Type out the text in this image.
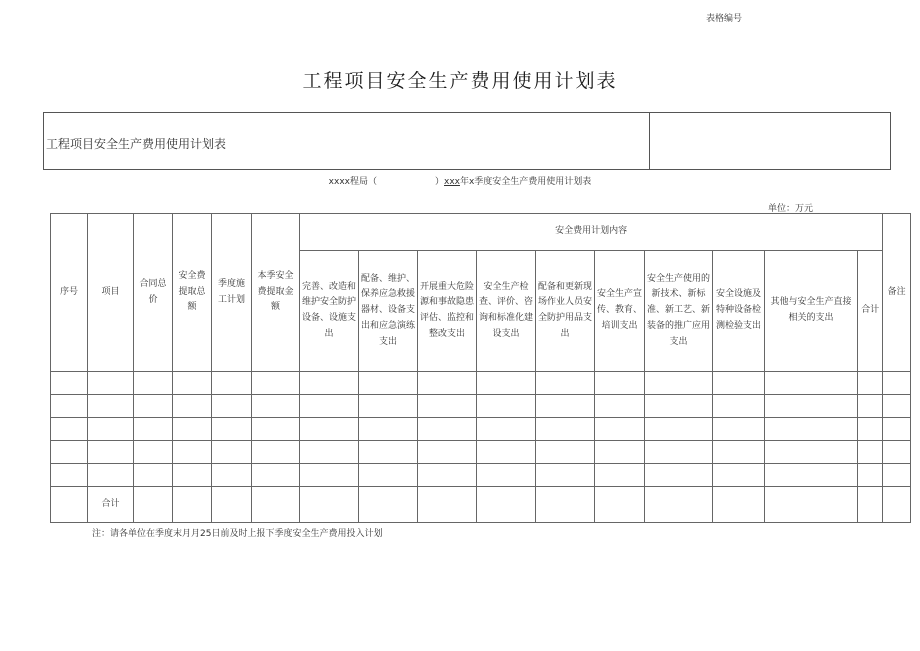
工程项目安全生产费用使用计划表
工程项目安全生产费用使用计划表
表格编号
xxxx程局（	）xxx年x季度安全生产费用使用计划表
单位：万元
序号	项目	合同总价	安全费提取总额	季度施工计划	本季安全费提取金额	安全费用计划内容										备注
						完善、改造和维护安全防护设备、设施支出	配备、维护、保养应急救援器材、设备支出和应急演练支出	开展重大危险源和事故隐患评估、监控和整改支出	安全生产检查、评价、咨询和标准化建设支出	配备和更新现场作业人员安全防护用品支出	安全生产宣传、教育、培训支出	安全生产使用的新技术、新标准、新工艺、新装备的推广应用支出	安全设施及特种设备检测检验支出	其他与安全生产直接相关的支出	合计	

	合计															
注：请各单位在季度末月月25日前及时上报下季度安全生产费用投入计划
